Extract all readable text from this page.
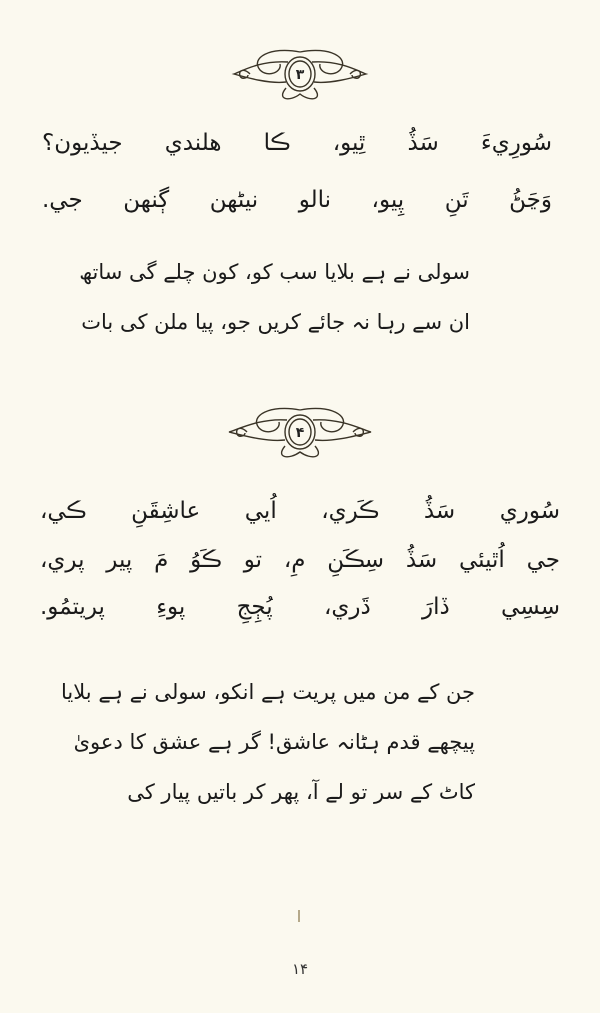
۳
سُورِيءَ سَڏُ ٿِيو، ڪا هلندي جيڏيون؟
وَڃَڻُ تَنِ پِيو، نالو نيڻهن ڳنهن جي.
سولی نے ہے بلایا سب کو، کون چلے گی ساتھ
ان سے رہا نہ جائے کریں جو، پیا ملن کی بات
۴
سُوري سَڏُ ڪَري، اُيي عاشِقَنِ ڪي،
جي اُٿيئي سَڏُ سِڪَنِ مِ، تو ڪَوُ مَ پير پري،
سِسِي ڏارَ ڌَري، پُڄِجِ پوءِ پريتمُو.
جن کے من میں پریت ہے انکو، سولی نے ہے بلایا
پیچھے قدم ہٹانہ عاشق! گر ہے عشق کا دعویٰ
کاٹ کے سر تو لے آ، پھر کر باتیں پیار کی
۱۴
